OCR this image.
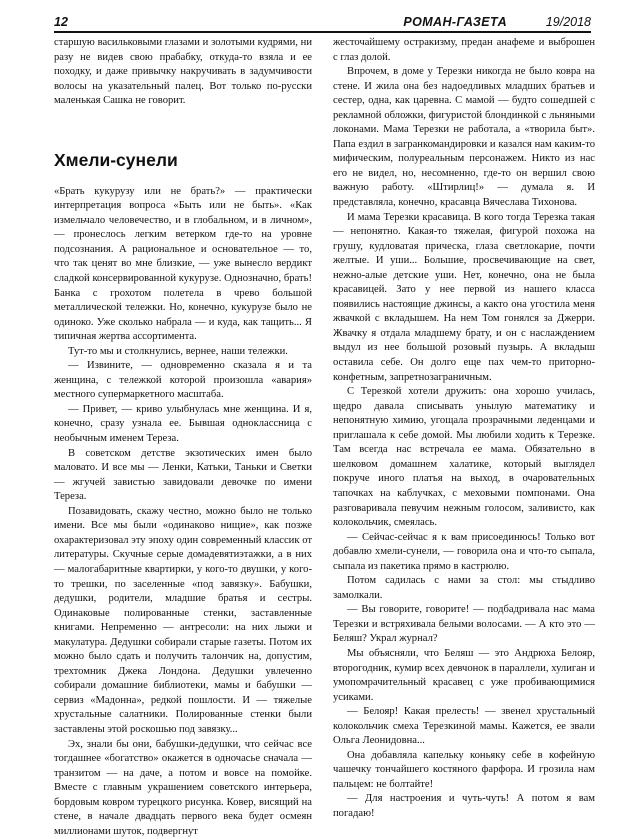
12	РОМАН-ГАЗЕТА	19/2018

старшую васильковыми глазами и золотыми кудрями, ни разу не видев свою прабабку, откуда-то взяла и ее походку, и даже привычку накручивать в задумчивости волосы на указательный палец. Вот только по-русски маленькая Сашка не говорит.

Хмели-сунели

«Брать кукурузу или не брать?» — практически интерпретация вопроса «Быть или не быть». «Как измельчало человечество, и в глобальном, и в личном», — пронеслось легким ветерком где-то на уровне подсознания. А рациональное и основательное — то, что так ценят во мне близкие, — уже вынесло вердикт сладкой консервированной кукурузе. Однозначно, брать! Банка с грохотом полетела в чрево большой металлической тележки. Но, конечно, кукурузе было не одиноко. Уже сколько набрала — и куда, как тащить... Я типичная жертва ассортимента.

Тут-то мы и столкнулись, вернее, наши тележки.

— Извините, — одновременно сказала я и та женщина, с тележкой которой произошла «авария» местного супермаркетного масштаба.

— Привет, — криво улыбнулась мне женщина. И я, конечно, сразу узнала ее. Бывшая одноклассница с необычным именем Тереза.

В советском детстве экзотических имен было маловато. И все мы — Ленки, Катьки, Таньки и Светки — жгучей завистью завидовали девочке по имени Тереза.

Позавидовать, скажу честно, можно было не только имени. Все мы были «одинаково нищие», как позже охарактеризовал эту эпоху один современный классик от литературы. Скучные серые домадевятиэтажки, а в них — малогабаритные квартирки, у кого-то двушки, у кого-то трешки, по заселенные «под завязку». Бабушки, дедушки, родители, младшие братья и сестры. Одинаковые полированные стенки, заставленные книгами. Непременно — антресоли: на них лыжи и макулатура. Дедушки собирали старые газеты. Потом их можно было сдать и получить талончик на, допустим, трехтомник Джека Лондона. Дедушки увлеченно собирали домашние библиотеки, мамы и бабушки — сервиз «Мадонна», редкой пошлости. И — тяжелые хрустальные салатники. Полированные стенки были заставлены этой роскошью под завязку...

Эх, знали бы они, бабушки-дедушки, что сейчас все тогдашнее «богатство» окажется в одночасье сначала — транзитом — на даче, а потом и вовсе на помойке. Вместе с главным украшением советского интерьера, бордовым ковром турецкого рисунка. Ковер, висящий на стене, в начале двадцать первого века будет осмеян миллионами шуток, подвергнут

жесточайшему остракизму, предан анафеме и выброшен с глаз долой.

Впрочем, в доме у Терезки никогда не было ковра на стене. И жила она без надоедливых младших братьев и сестер, одна, как царевна. С мамой — будто сошедшей с рекламной обложки, фигуристой блондинкой с льняными локонами. Мама Терезки не работала, а «творила быт». Папа ездил в загранкомандировки и казался нам каким-то мифическим, полуреальным персонажем. Никто из нас его не видел, но, несомненно, где-то он вершил свою важную работу. «Штирлиц!» — думала я. И представляла, конечно, красавца Вячеслава Тихонова.

И мама Терезки красавица. В кого тогда Терезка такая — непонятно. Какая-то тяжелая, фигурой похожа на грушу, кудловатая прическа, глаза светлокарие, почти желтые. И уши... Большие, просвечивающие на свет, нежно-алые детские уши. Нет, конечно, она не была красавицей. Зато у нее первой из нашего класса появились настоящие джинсы, а както она угостила меня жвачкой с вкладышем. На нем Том гонялся за Джерри. Жвачку я отдала младшему брату, и он с наслаждением выдул из нее большой розовый пузырь. А вкладыш оставила себе. Он долго еще пах чем-то приторно-конфетным, запретнозаграничным.

С Терезкой хотели дружить: она хорошо училась, щедро давала списывать унылую математику и непонятную химию, угощала прозрачными леденцами и приглашала к себе домой. Мы любили ходить к Терезке. Там всегда нас встречала ее мама. Обязательно в шелковом домашнем халатике, который выглядел покруче иного платья на выход, в очаровательных тапочках на каблучках, с меховыми помпонами. Она разговаривала певучим нежным голосом, заливисто, как колокольчик, смеялась.

— Сейчас-сейчас я к вам присоединюсь! Только вот добавлю хмели-сунели, — говорила она и что-то сыпала, сыпала из пакетика прямо в кастрюлю.

Потом садилась с нами за стол: мы стыдливо замолкали.

— Вы говорите, говорите! — подбадривала нас мама Терезки и встряхивала белыми волосами. — А кто это — Беляш? Украл журнал?

Мы объясняли, что Беляш — это Андрюха Белояр, второгодник, кумир всех девчонок в параллели, хулиган и умопомрачительный красавец с уже пробивающимися усиками.

— Белояр! Какая прелесть! — звенел хрустальный колокольчик смеха Терезкиной мамы. Кажется, ее звали Ольга Леонидовна...

Она добавляла капельку коньяку себе в кофейную чашечку тончайшего костяного фарфора. И грозила нам пальцем: не болтайте!

— Для настроения и чуть-чуть! А потом я вам погадаю!
